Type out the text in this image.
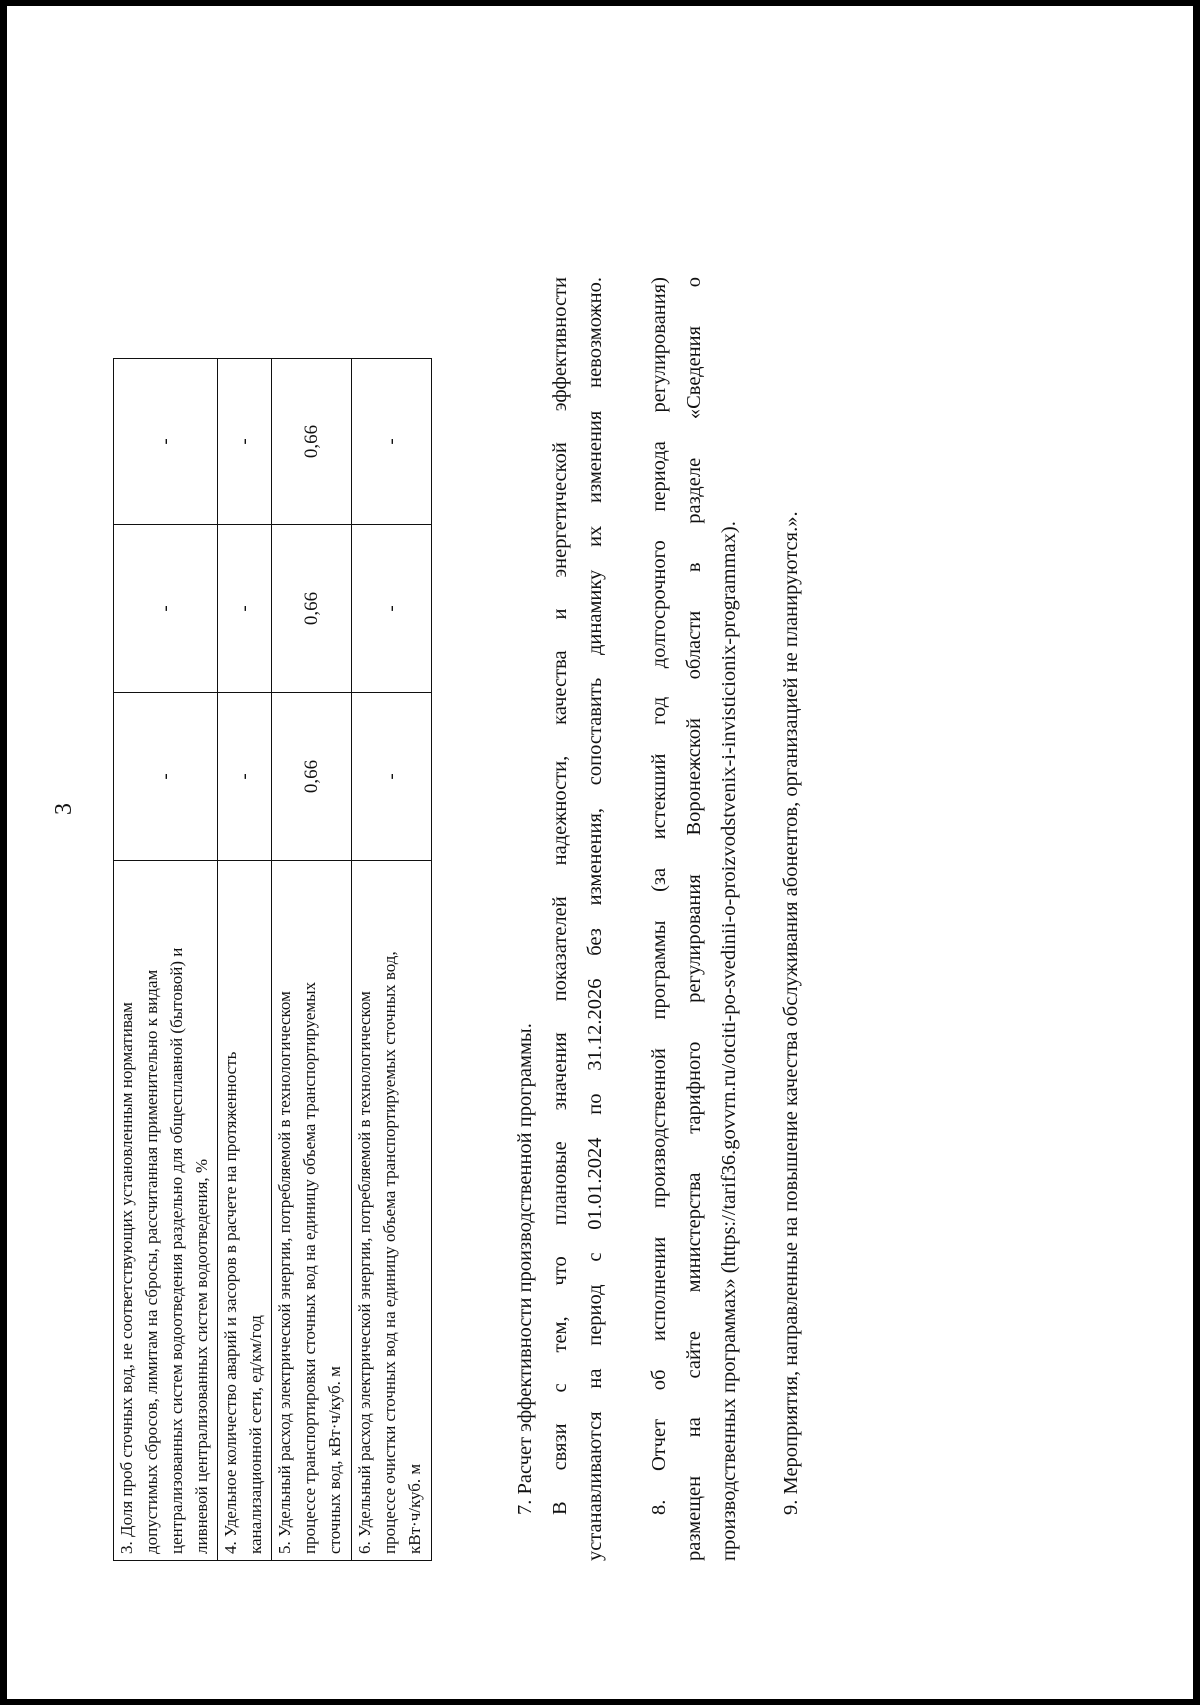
3
3. Доля проб сточных вод, не соответствующих установленным нормативам допустимых сбросов, лимитам на сбросы, рассчитанная применительно к видам централизованных систем водоотведения раздельно для общесплавной (бытовой) и ливневой централизованных систем водоотведения, %	-	-	-

4. Удельное количество аварий и засоров в расчете на протяженность канализационной сети, ед/км/год	-	-	-

5. Удельный расход электрической энергии, потребляемой в технологическом процессе транспортировки сточных вод на единицу объема транспортируемых сточных вод, кВт·ч/куб. м	0,66	0,66	0,66

6. Удельный расход электрической энергии, потребляемой в технологическом процессе очистки сточных вод на единицу объема транспортируемых сточных вод, кВт·ч/куб. м	-	-	-
7. Расчет эффективности производственной программы. В связи с тем, что плановые значения показателей надежности, качества и энергетической эффективности устанавливаются на период с 01.01.2024 по 31.12.2026 без изменения, сопоставить динамику их изменения невозможно.	8. Отчет об исполнении производственной программы (за истекший год долгосрочного периода регулирования) размещен на сайте министерства тарифного регулирования Воронежской области в разделе «Сведения о производственных программах» (https://tarif36.govvrn.ru/otciti-po-svedinii-o-proizvodstvenix-i-invisticionix-programmax).	9. Мероприятия, направленные на повышение качества обслуживания абонентов, организацией не планируются.».
